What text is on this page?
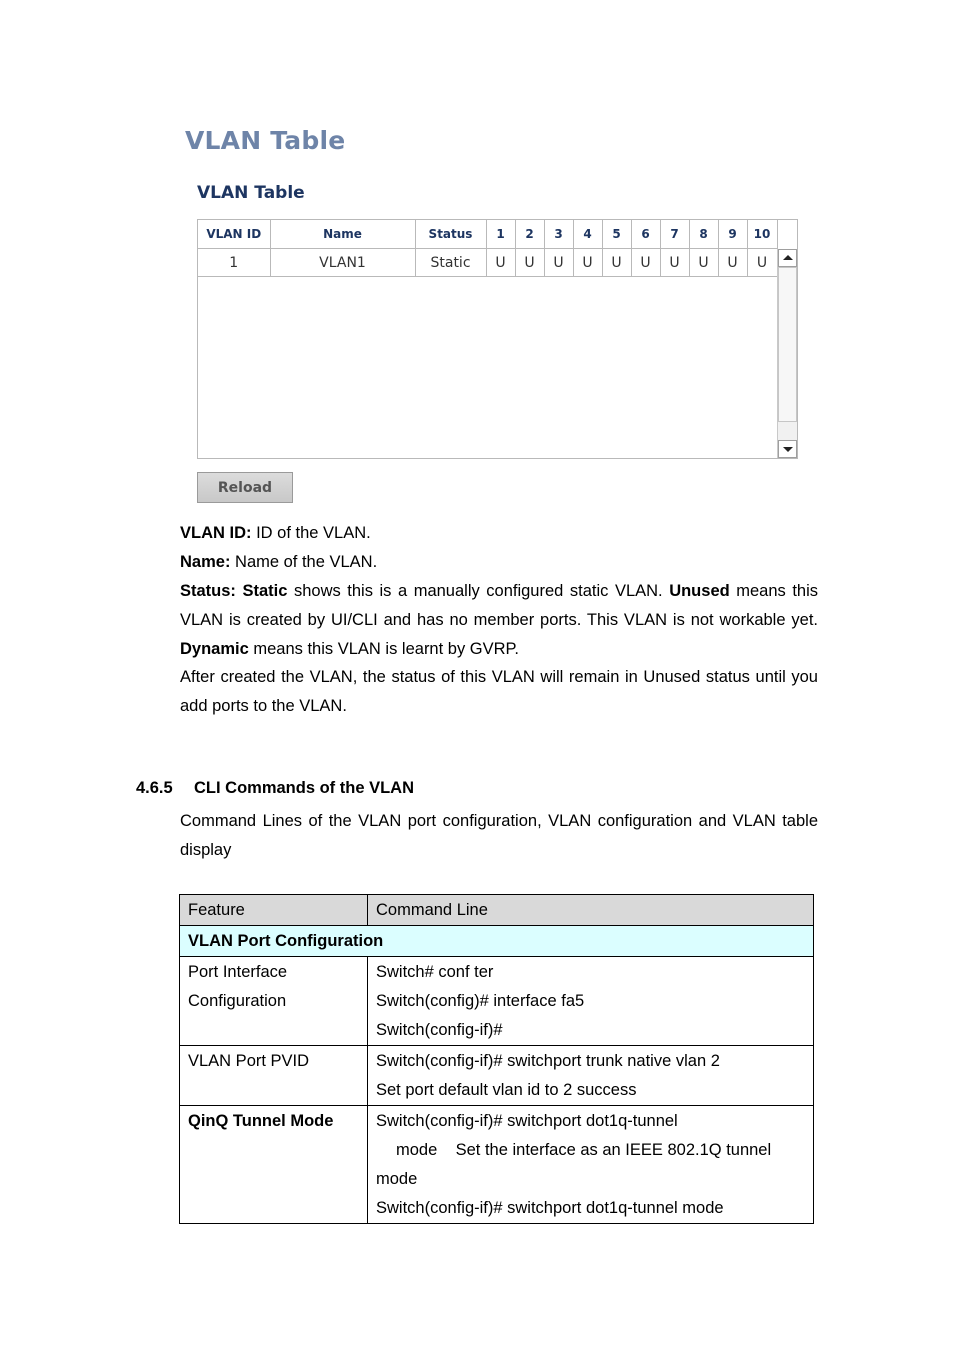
VLAN Table
VLAN Table
VLAN ID	Name	Status	1	2	3	4	5	6	7	8	9	10
1	VLAN1	Static	U	U	U	U	U	U	U	U	U	U
Reload

VLAN ID: ID of the VLAN.

Name: Name of the VLAN.

Status: Static shows this is a manually configured static VLAN. Unused means this VLAN is created by UI/CLI and has no member ports. This VLAN is not workable yet. Dynamic means this VLAN is learnt by GVRP.

After created the VLAN, the status of this VLAN will remain in Unused status until you add ports to the VLAN.

4.6.5 CLI Commands of the VLAN

Command Lines of the VLAN port configuration, VLAN configuration and VLAN table display

Feature	Command Line
VLAN Port Configuration	

Port Interface
Configuration	Switch# conf ter
Switch(config)# interface fa5
Switch(config-if)#

VLAN Port PVID	Switch(config-if)# switchport trunk native vlan 2
Set port default vlan id to 2 success

QinQ Tunnel Mode	Switch(config-if)# switchport dot1q-tunnel
mode    Set the interface as an IEEE 802.1Q tunnel
mode
Switch(config-if)# switchport dot1q-tunnel mode
